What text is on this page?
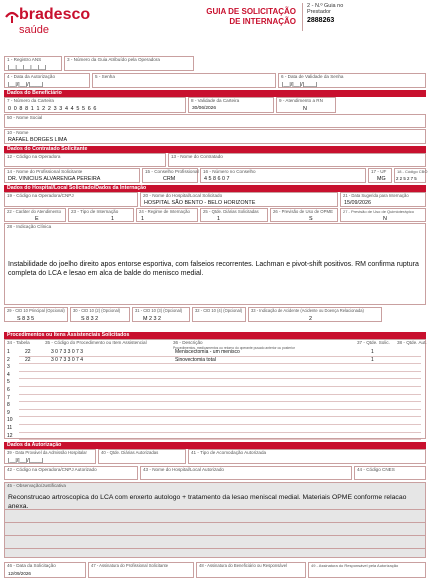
bradesco
saúde
GUIA DE SOLICITAÇÃO
DE INTERNAÇÃO
2 - N.º Guia no
Prestador
2888263
1 - Registro ANS
|__|__|__|__|__|
3 - Número da Guia Atribuído pela Operadora
4 - Data da Autorização
|__|/|__|/|____|
5 - Senha	6 - Data de Validade da Senha
|__|/|__|/|____|
Dados do Beneficiário
7 - Número da Carteira
0 0 8 8 1 1 2 2 3 3 4 4 5 5 6 6
8 - Validade da Carteira
30/06/2026
9 - Atendimento a RN
N
50 - Nome Social
10 - Nome
RAFAEL BORGES LIMA
Dados do Contratado Solicitante
12 - Código na Operadora	13 - Nome do Contratado
14 - Nome do Profissional Solicitante
DR. VINICIUS ALVARENGA PEREIRA
15 - Conselho Profissional
CRM
16 - Número no Conselho
4 5 8 6 0 7
17 - UF
MG
18 - Código CBO
2 2 5 2 7 5
Dados do Hospital/Local Solicitado/Dados da Internação
19 - Código na Operadora/CNPJ	20 - Nome do Hospital/Local Solicitado
HOSPITAL SÃO BENTO - BELO HORIZONTE
21 - Data Sugerida para Internação
15/09/2026
22 - Caráter do Atendimento
E
23 - Tipo de Internação
1
24 - Regime de Internação
1
25 - Qtde. Diárias Solicitadas
1
26 - Previsão de Uso de OPME
S
27 - Previsão de Uso de Quimioterápico
N
28 - Indicação Clínica
Instabilidade do joelho direito apos entorse esportiva, com falseios recorrentes. Lachman e pivot-shift positivos. RM confirma ruptura completa do LCA e lesao em alca de balde do menisco medial.
29 - CID 10 Principal (Opcional)
S 8 3 5
30 - CID 10 (2) (Opcional)
S 8 3 2
31 - CID 10 (3) (Opcional)
M 2 3 2
32 - CID 10 (4) (Opcional) 33 - Indicação de Acidente (Acidente ou Doença Relacionada)
2
Procedimentos ou Itens Assistenciais Solicitados
34 - Tabela	35 - Código do Procedimento ou Item Assistencial	36 - Descrição
Procedimentos, medicamentos ou retorno do operante pusado anterior ou posterior
37 - Qtde. Solic. 38 - Qtde. Aut.
1	22	3 0 7 3 3 0 7 3	Meniscectomia - um menisco	1
2	22	3 0 7 3 3 0 7 4	Sinovectomia total	1
3
4
5
6
7
8
9
10
11
12
Dados da Autorização
39 - Data Provável da Admissão Hospitalar
|__|/|__|/|____|
40 - Qtde. Diárias Autorizadas	41 - Tipo de Acomodação Autorizada
42 - Código na Operadora/CNPJ Autorizado	43 - Nome do Hospital/Local Autorizado	44 - Código CNES
45 - Observação/Justificativa
Reconstrucao artroscopica do LCA com enxerto autologo + tratamento da lesao meniscal medial. Materiais OPME conforme relacao anexa.
46 - Data da Solicitação
12/09/2026
47 - Assinatura do Profissional Solicitante	48 - Assinatura do Beneficiário ou Responsável	49 - Assinatura do Responsável pela Autorização
